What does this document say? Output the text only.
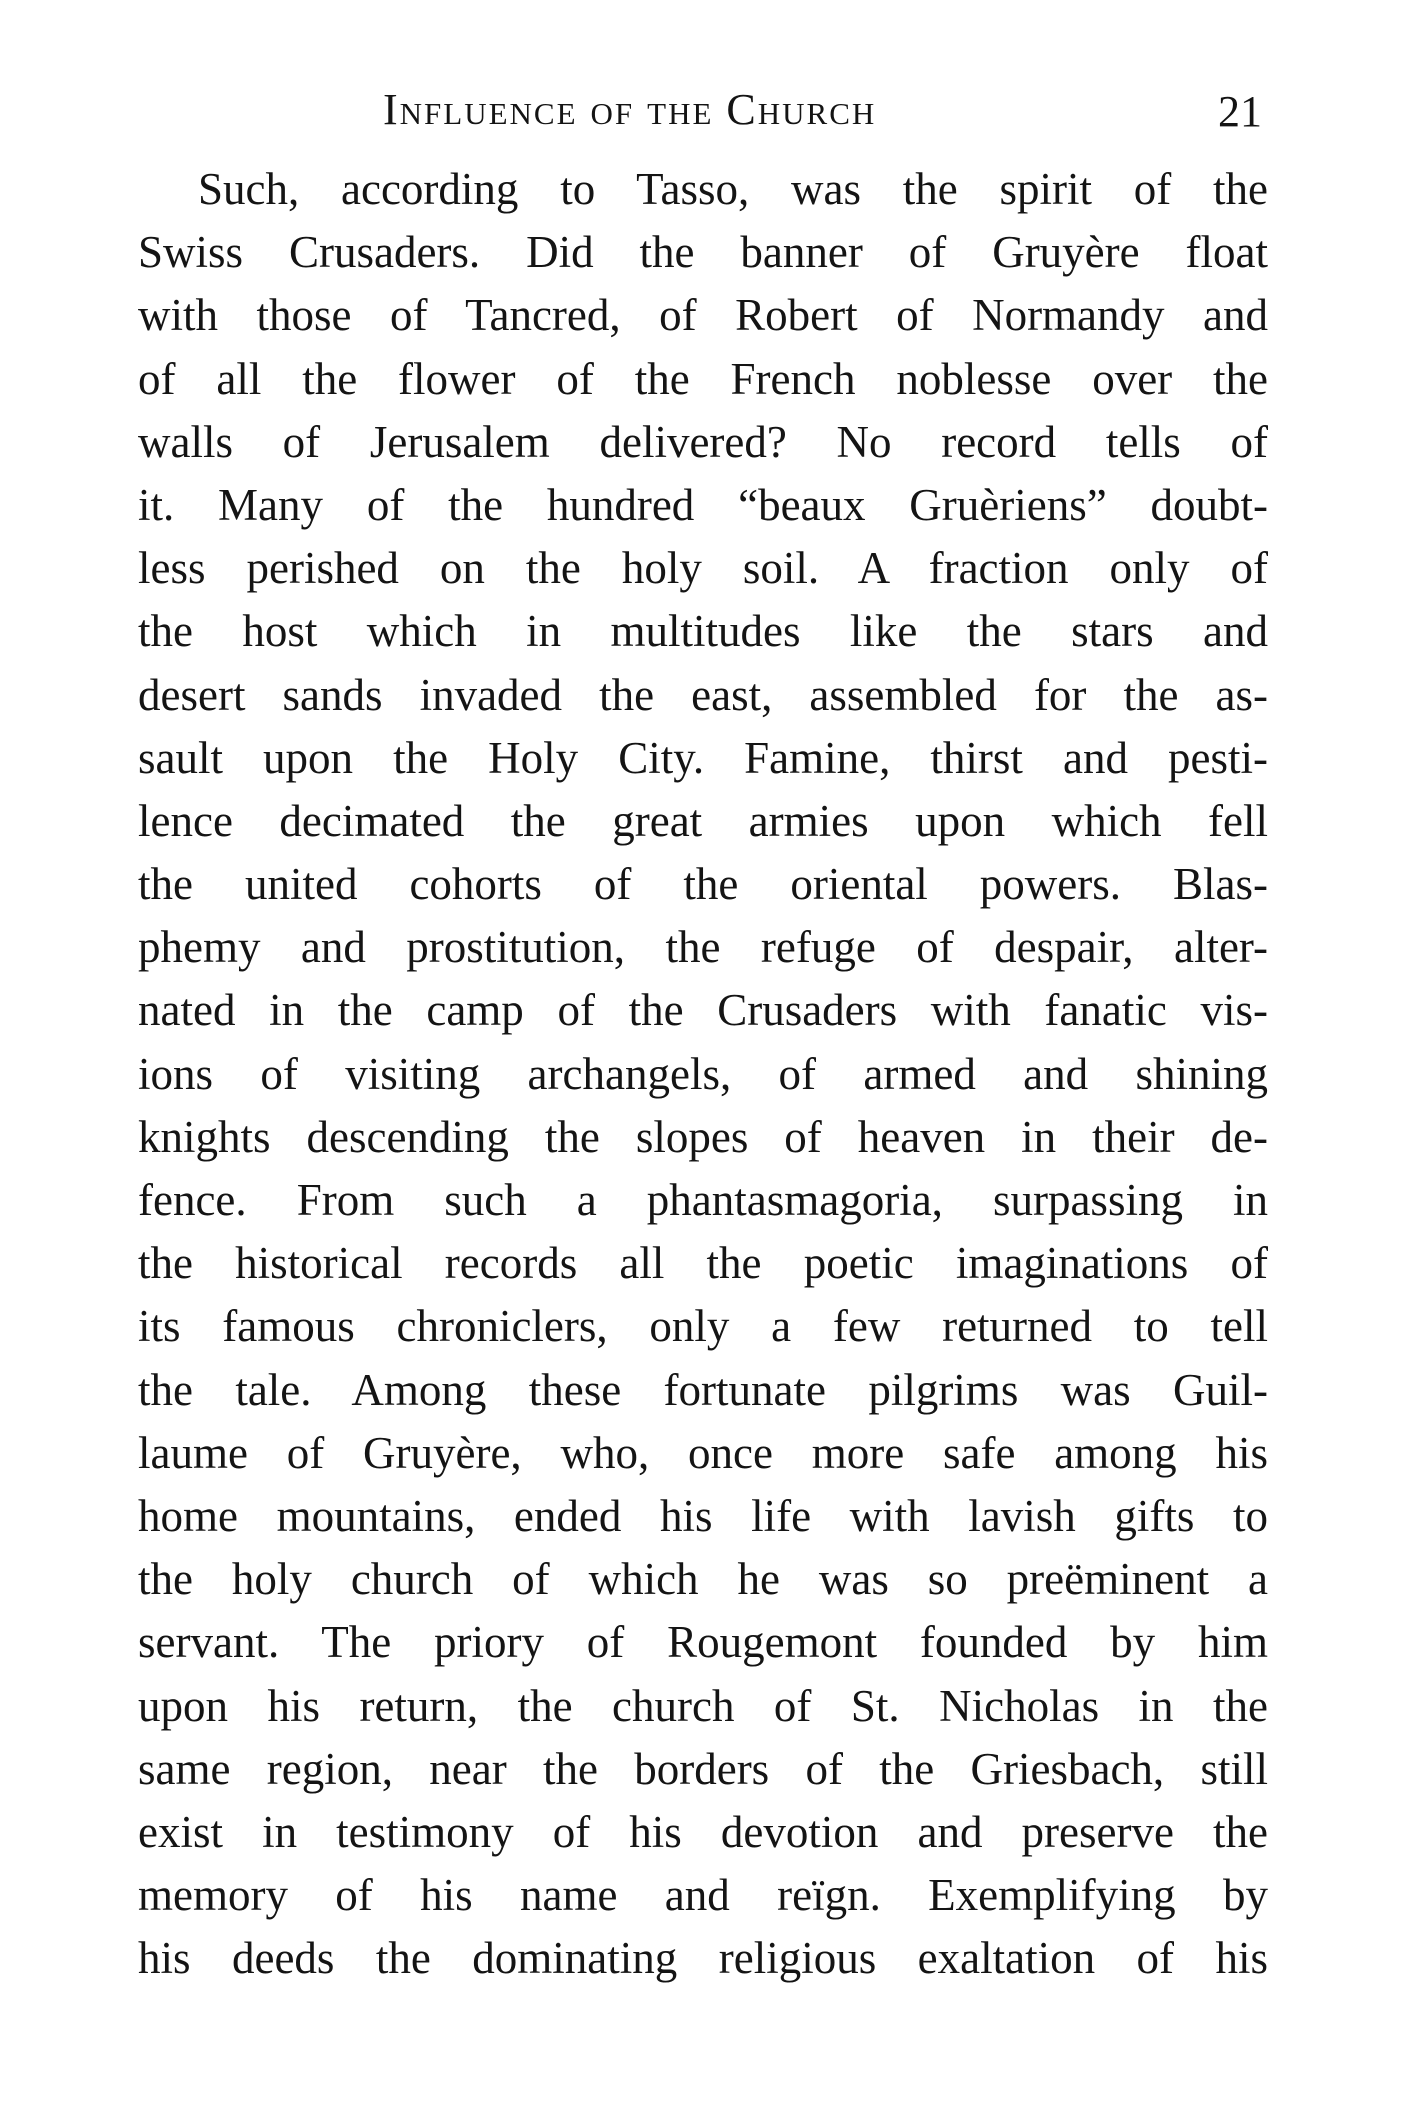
Influence of the Church	21
Such, according to Tasso, was the spirit of the
Swiss Crusaders. Did the banner of Gruyère float
with those of Tancred, of Robert of Normandy and
of all the flower of the French noblesse over the
walls of Jerusalem delivered? No record tells of
it. Many of the hundred “beaux Gruèriens” doubt-
less perished on the holy soil. A fraction only of
the host which in multitudes like the stars and
desert sands invaded the east, assembled for the as-
sault upon the Holy City. Famine, thirst and pesti-
lence decimated the great armies upon which fell
the united cohorts of the oriental powers. Blas-
phemy and prostitution, the refuge of despair, alter-
nated in the camp of the Crusaders with fanatic vis-
ions of visiting archangels, of armed and shining
knights descending the slopes of heaven in their de-
fence. From such a phantasmagoria, surpassing in
the historical records all the poetic imaginations of
its famous chroniclers, only a few returned to tell
the tale. Among these fortunate pilgrims was Guil-
laume of Gruyère, who, once more safe among his
home mountains, ended his life with lavish gifts to
the holy church of which he was so preëminent a
servant. The priory of Rougemont founded by him
upon his return, the church of St. Nicholas in the
same region, near the borders of the Griesbach, still
exist in testimony of his devotion and preserve the
memory of his name and reïgn. Exemplifying by
his deeds the dominating religious exaltation of his
